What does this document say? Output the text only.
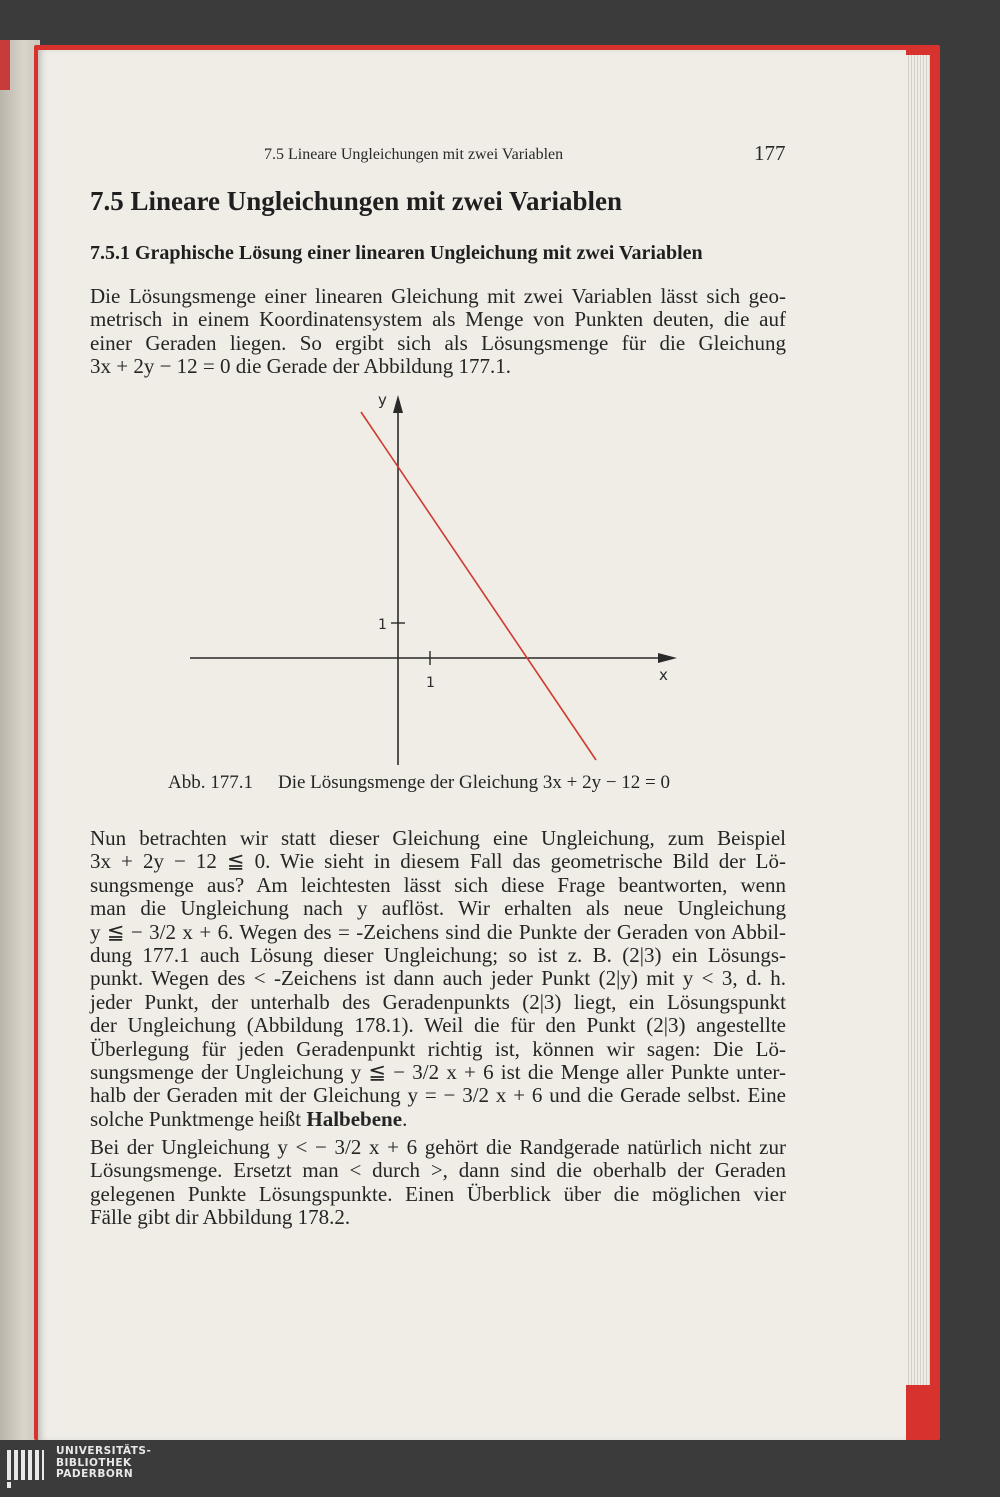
7.5 Lineare Ungleichungen mit zwei Variablen	177
7.5 Lineare Ungleichungen mit zwei Variablen
7.5.1 Graphische Lösung einer linearen Ungleichung mit zwei Variablen

Die Lösungsmenge einer linearen Gleichung mit zwei Variablen lässt sich geo-
metrisch in einem Koordinatensystem als Menge von Punkten deuten, die auf
einer Geraden liegen. So ergibt sich als Lösungsmenge für die Gleichung
3x + 2y − 12 = 0 die Gerade der Abbildung 177.1.

y
x
1
1
Abb. 177.1 Die Lösungsmenge der Gleichung 3x + 2y − 12 = 0

Nun betrachten wir statt dieser Gleichung eine Ungleichung, zum Beispiel
3x + 2y − 12 ≦ 0. Wie sieht in diesem Fall das geometrische Bild der Lö-
sungsmenge aus? Am leichtesten lässt sich diese Frage beantworten, wenn
man die Ungleichung nach y auflöst. Wir erhalten als neue Ungleichung
y ≦ − 3/2 x + 6. Wegen des = -Zeichens sind die Punkte der Geraden von Abbil-
dung 177.1 auch Lösung dieser Ungleichung; so ist z. B. (2|3) ein Lösungs-
punkt. Wegen des < -Zeichens ist dann auch jeder Punkt (2|y) mit y < 3, d. h.
jeder Punkt, der unterhalb des Geradenpunkts (2|3) liegt, ein Lösungspunkt
der Ungleichung (Abbildung 178.1). Weil die für den Punkt (2|3) angestellte
Überlegung für jeden Geradenpunkt richtig ist, können wir sagen: Die Lö-
sungsmenge der Ungleichung y ≦ − 3/2 x + 6 ist die Menge aller Punkte unter-
halb der Geraden mit der Gleichung y = − 3/2 x + 6 und die Gerade selbst. Eine
solche Punktmenge heißt Halbebene.

Bei der Ungleichung y < − 3/2 x + 6 gehört die Randgerade natürlich nicht zur
Lösungsmenge. Ersetzt man < durch >, dann sind die oberhalb der Geraden
gelegenen Punkte Lösungspunkte. Einen Überblick über die möglichen vier
Fälle gibt dir Abbildung 178.2.

UNIVERSITÄTS-
BIBLIOTHEK
PADERBORN
